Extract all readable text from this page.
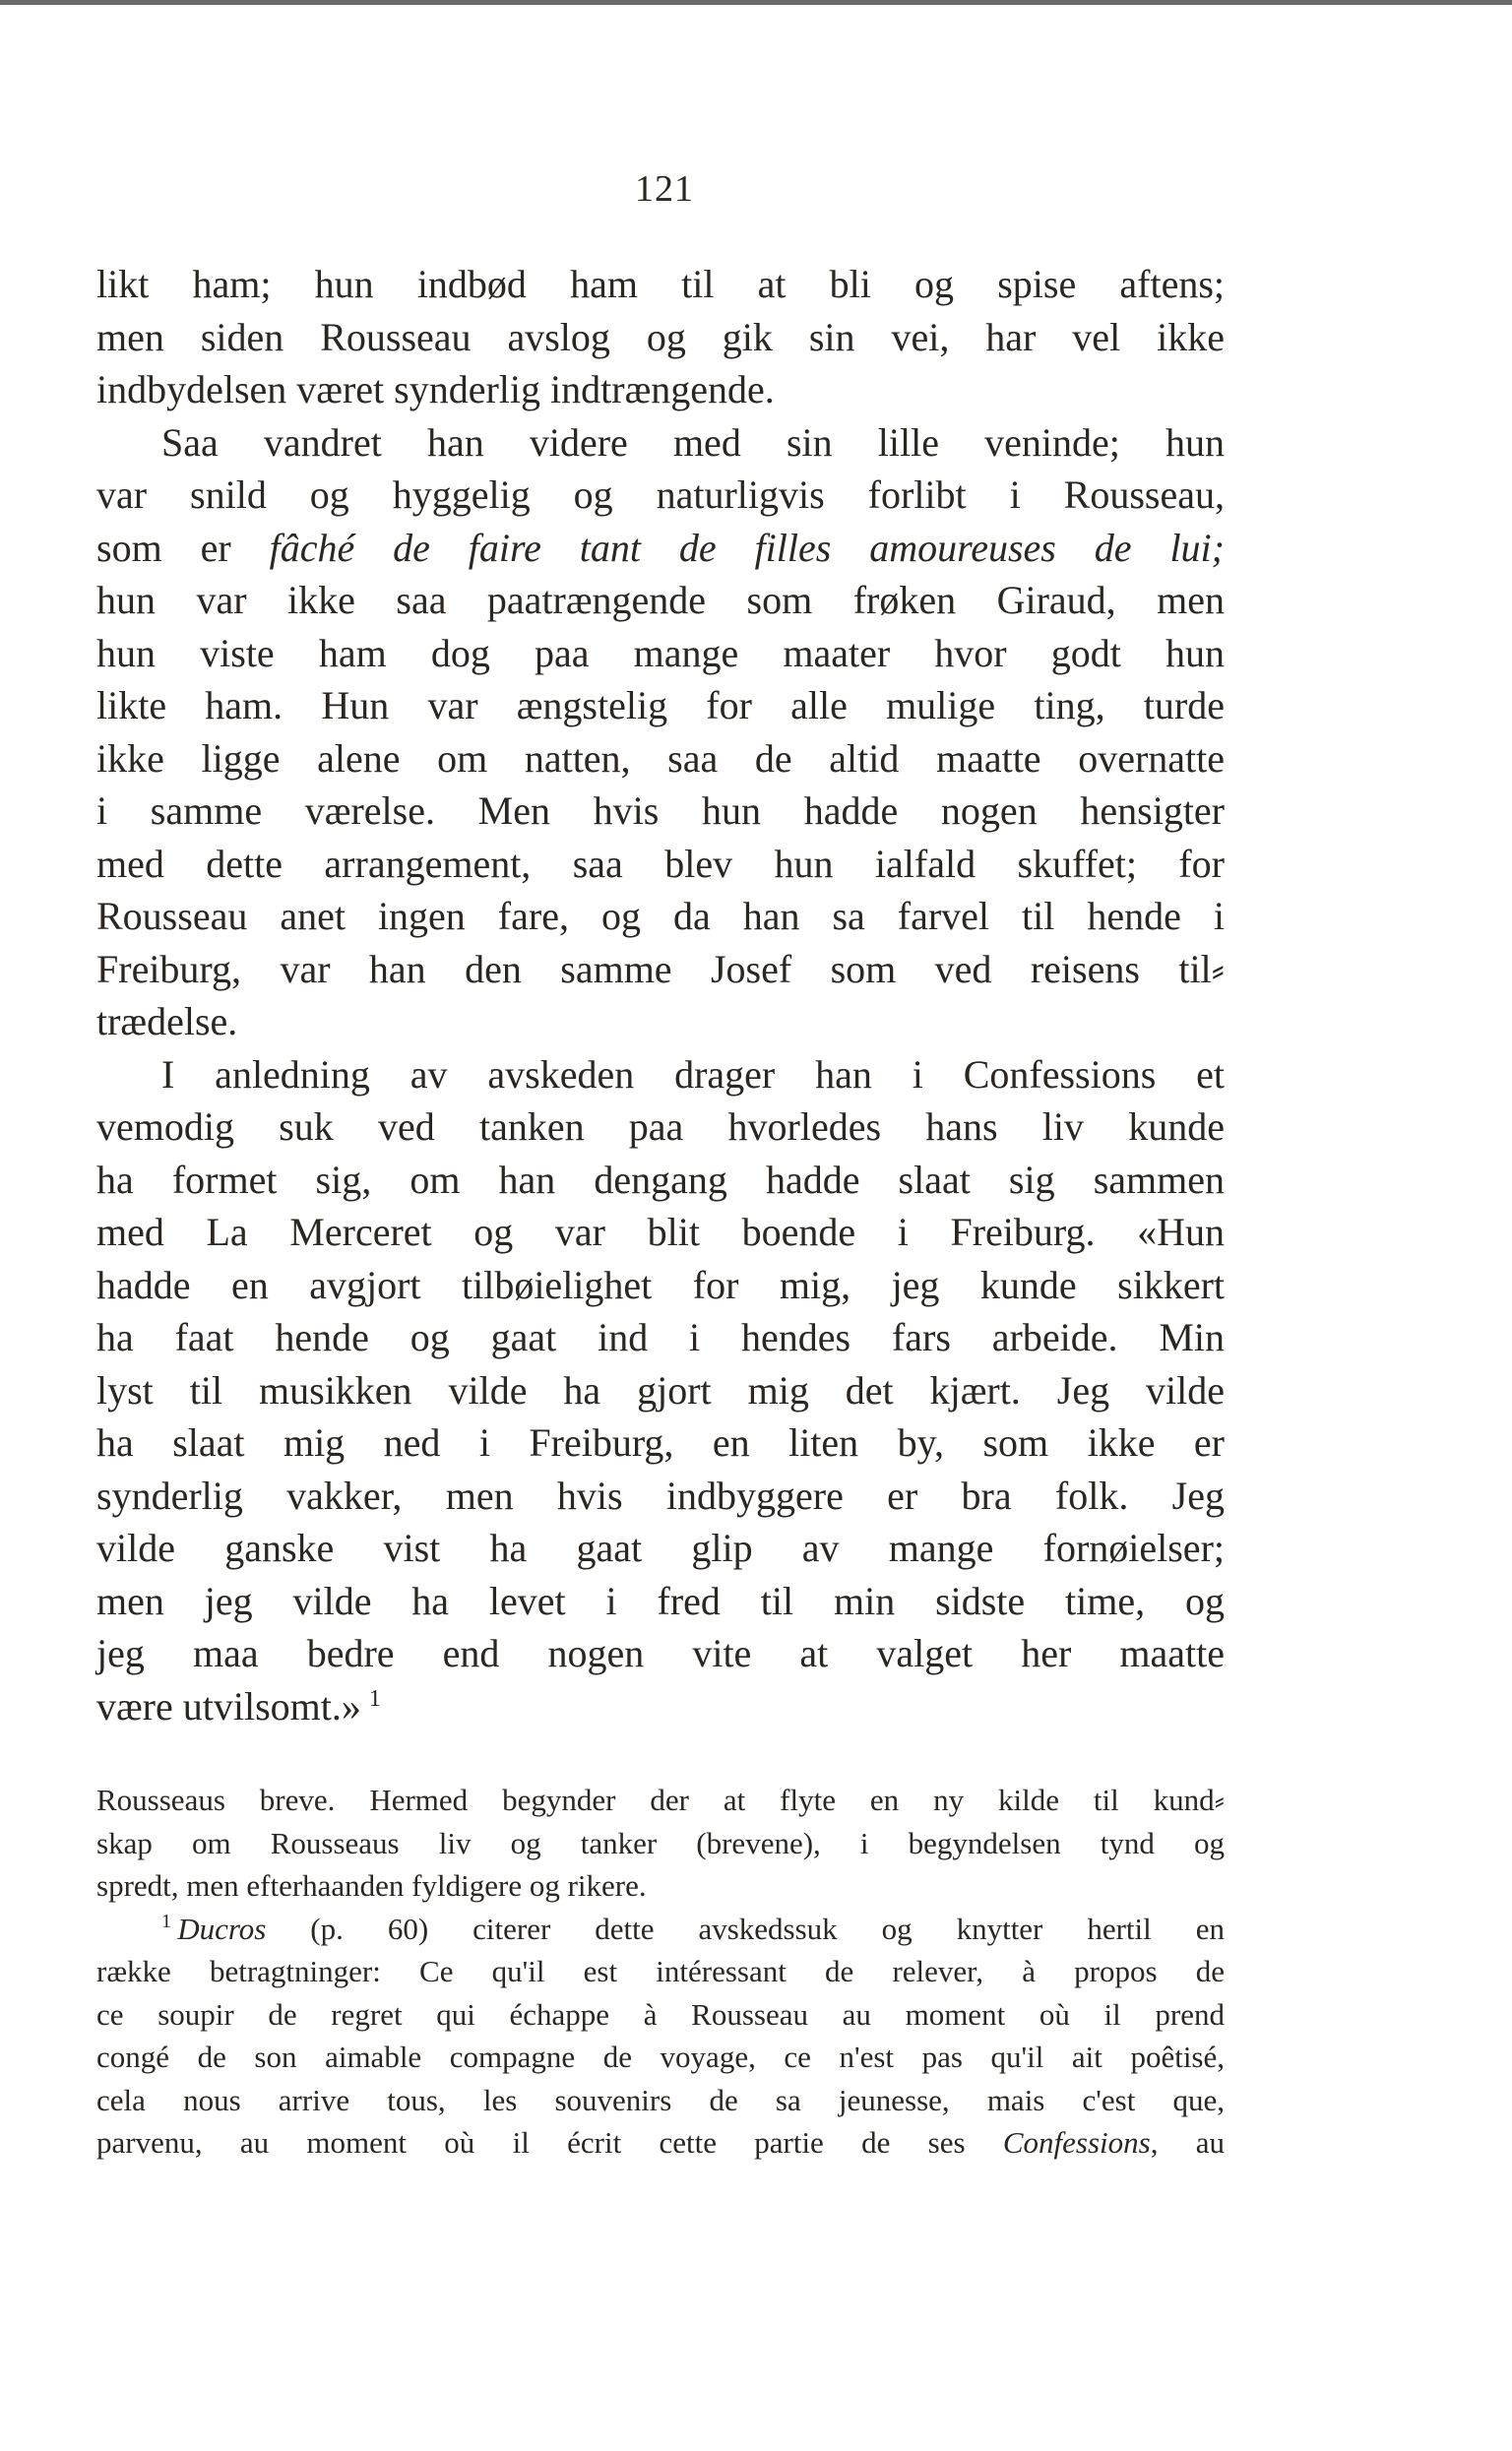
121

likt ham; hun indbød ham til at bli og spise aftens;
men siden Rousseau avslog og gik sin vei, har vel ikke
indbydelsen været synderlig indtrængende.

Saa vandret han videre med sin lille veninde; hun
var snild og hyggelig og naturligvis forlibt i Rousseau,
som er fâché de faire tant de filles amoureuses de lui;
hun var ikke saa paatrængende som frøken Giraud, men
hun viste ham dog paa mange maater hvor godt hun
likte ham. Hun var ængstelig for alle mulige ting, turde
ikke ligge alene om natten, saa de altid maatte overnatte
i samme værelse. Men hvis hun hadde nogen hensigter
med dette arrangement, saa blev hun ialfald skuffet; for
Rousseau anet ingen fare, og da han sa farvel til hende i
Freiburg, var han den samme Josef som ved reisens til⸗
trædelse.

I anledning av avskeden drager han i Confessions et
vemodig suk ved tanken paa hvorledes hans liv kunde
ha formet sig, om han dengang hadde slaat sig sammen
med La Merceret og var blit boende i Freiburg. «Hun
hadde en avgjort tilbøielighet for mig, jeg kunde sikkert
ha faat hende og gaat ind i hendes fars arbeide. Min
lyst til musikken vilde ha gjort mig det kjært. Jeg vilde
ha slaat mig ned i Freiburg, en liten by, som ikke er
synderlig vakker, men hvis indbyggere er bra folk. Jeg
vilde ganske vist ha gaat glip av mange fornøielser;
men jeg vilde ha levet i fred til min sidste time, og
jeg maa bedre end nogen vite at valget her maatte
være utvilsomt.»  $^1$

Rousseaus breve. Hermed begynder der at flyte en ny kilde til kund⸗
skap om Rousseaus liv og tanker (brevene), i begyndelsen tynd og
spredt, men efterhaanden fyldigere og rikere.
$^1$  Ducros (p. 60) citerer dette avskedssuk og knytter hertil en
række betragtninger: Ce qu'il est intéressant de relever, à propos de
ce soupir de regret qui échappe à Rousseau au moment où il prend
congé de son aimable compagne de voyage, ce n'est pas qu'il ait poêtisé,
cela nous arrive tous, les souvenirs de sa jeunesse, mais c'est que,
parvenu, au moment où il écrit cette partie de ses Confessions, au
